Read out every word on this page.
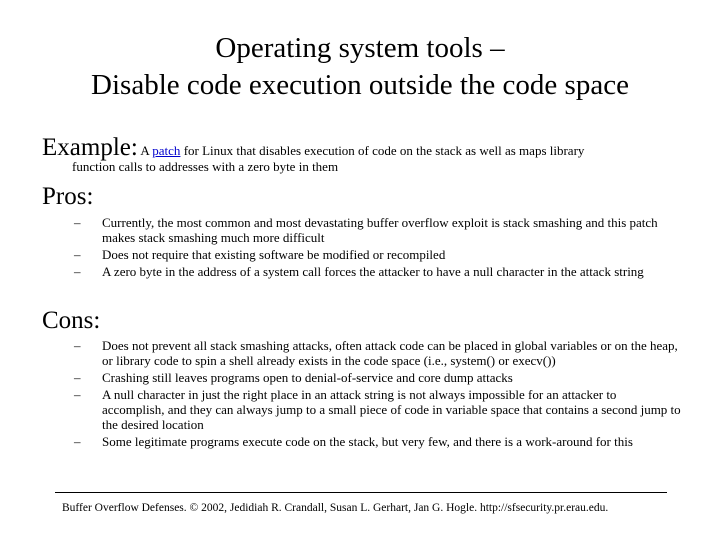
Operating system tools –
Disable code execution outside the code space
Example: A patch for Linux that disables execution of code on the stack as well as maps library
function calls to addresses with a zero byte in them
Pros:
– Currently, the most common and most devastating buffer overflow exploit is stack smashing and this patch makes stack smashing much more difficult
– Does not require that existing software be modified or recompiled
– A zero byte in the address of a system call forces the attacker to have a null character in the attack string
Cons:
– Does not prevent all stack smashing attacks, often attack code can be placed in global variables or on the heap, or library code to spin a shell already exists in the code space (i.e., system() or execv())
– Crashing still leaves programs open to denial-of-service and core dump attacks
– A null character in just the right place in an attack string is not always impossible for an attacker to accomplish, and they can always jump to a small piece of code in variable space that contains a second jump to the desired location
– Some legitimate programs execute code on the stack, but very few, and there is a work-around for this
Buffer Overflow Defenses. © 2002, Jedidiah R. Crandall, Susan L. Gerhart, Jan G. Hogle. http://sfsecurity.pr.erau.edu.
